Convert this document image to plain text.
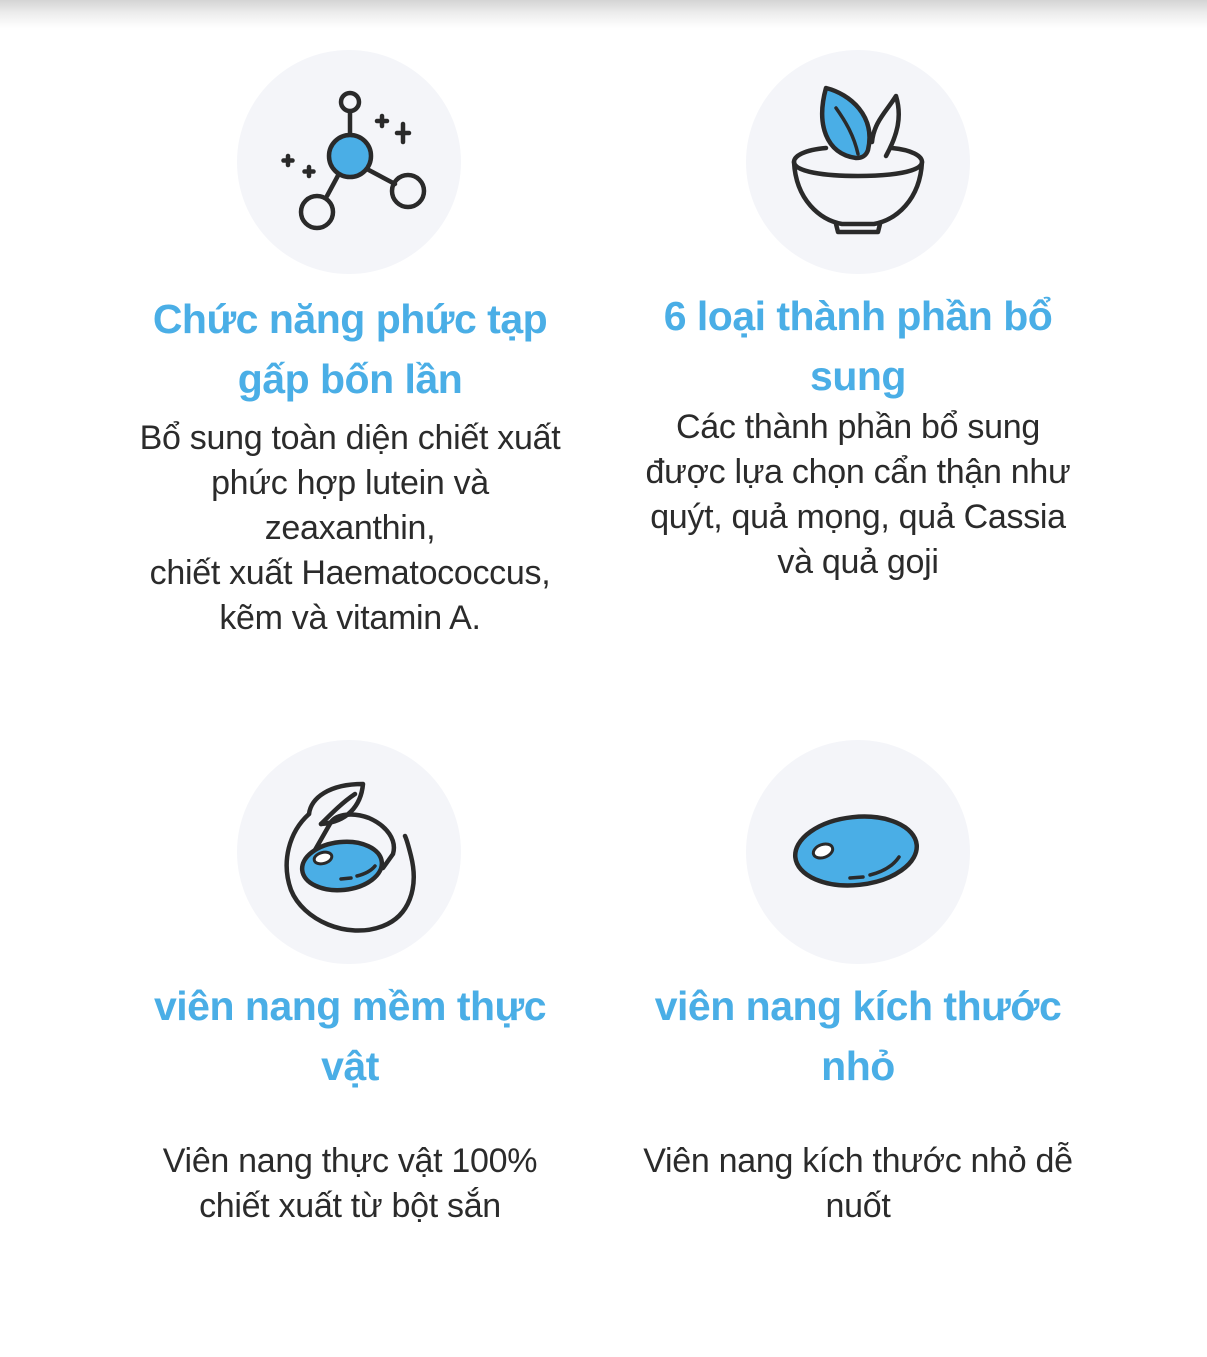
Chức năng phức tạp
gấp bốn lần
Bổ sung toàn diện chiết xuất
phức hợp lutein và
zeaxanthin,
chiết xuất Haematococcus,
kẽm và vitamin A.
6 loại thành phần bổ
sung
Các thành phần bổ sung
được lựa chọn cẩn thận như
quýt, quả mọng, quả Cassia
và quả goji
viên nang mềm thực
vật
Viên nang thực vật 100%
chiết xuất từ bột sắn
viên nang kích thước
nhỏ
Viên nang kích thước nhỏ dễ
nuốt
